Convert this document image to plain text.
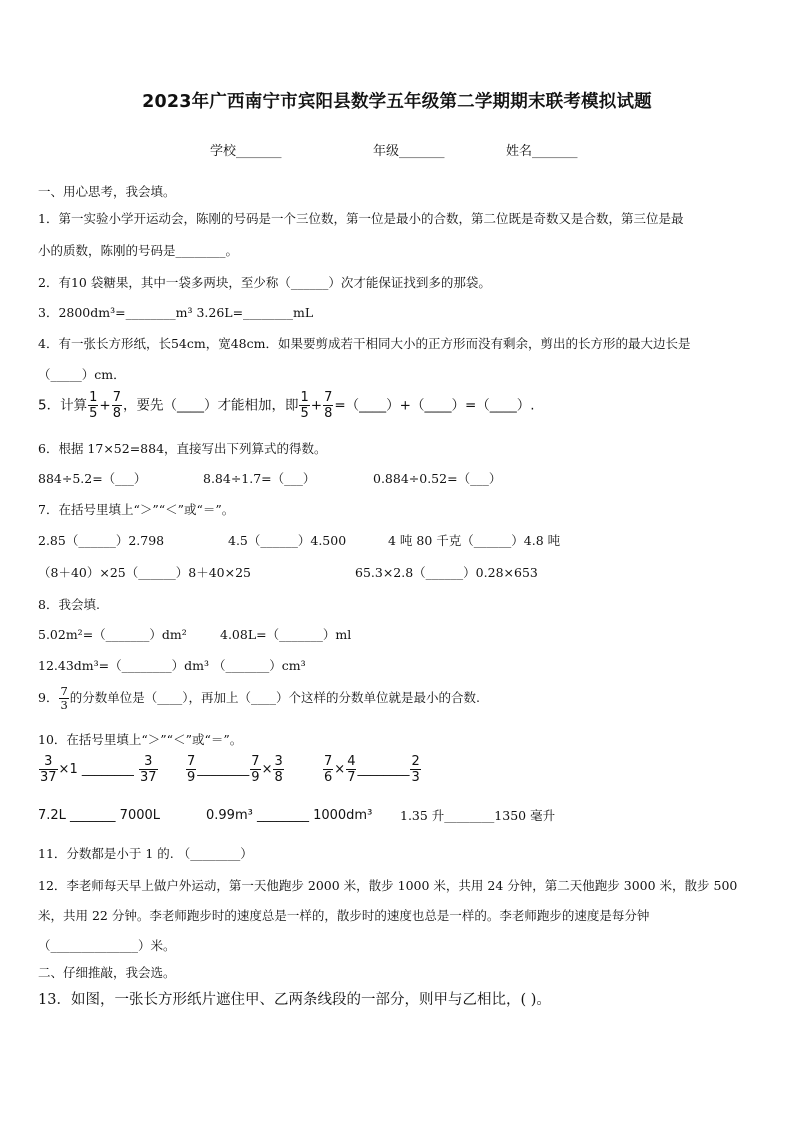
2023年广西南宁市宾阳县数学五年级第二学期期末联考模拟试题
学校_______	年级_______	姓名_______
一、用心思考，我会填。
1．第一实验小学开运动会，陈刚的号码是一个三位数，第一位是最小的合数，第二位既是奇数又是合数，第三位是最
小的质数，陈刚的号码是________。
2．有10 袋糖果，其中一袋多两块，至少称（______）次才能保证找到多的那袋。
3．2800dm³=________m³ 3.26L=________mL
4．有一张长方形纸，长54cm，宽48cm．如果要剪成若干相同大小的正方形而没有剩余，剪出的长方形的最大边长是
（_____）cm．
5．计算 $\frac{1}{5} + \frac{7}{8}$ ，要先（____）才能相加，即 $\frac{1}{5} + \frac{7}{8}$ =（____）+（____）=（____）.
6．根据 17×52=884，直接写出下列算式的得数。
884÷5.2=（___）	8.84÷1.7=（___）	0.884÷0.52=（___）
7．在括号里填上“＞”“＜”或“＝”。
2.85（______）2.798	4.5（______）4.500	4 吨 80 千克（______）4.8 吨
（8＋40）×25（______）8＋40×25	65.3×2.8（______）0.28×653
8．我会填.
5.02m²=（_______）dm²	4.08L=（_______）ml
12.43dm³=（________）dm³ （_______）cm³
9． $\frac{7}{3}$ 的分数单位是（____），再加上（____）个这样的分数单位就是最小的合数.
10．在括号里填上“＞”“＜”或“＝”。
$\frac{3}{37} \times 1$ ________ $\frac{3}{37} \frac{7}{9}$ ________ $\frac{7}{9} \times \frac{3}{8}$	$\frac{7}{6} \times \frac{4}{7}$ ________ $\frac{2}{3}$
7.2L _______ 7000L	0.99m³ ________ 1000dm³ 1.35 升________1350 毫升
11．分数都是小于 1 的. （________）
12．李老师每天早上做户外运动，第一天他跑步 2000 米，散步 1000 米，共用 24 分钟，第二天他跑步 3000 米，散步 500
米，共用 22 分钟。李老师跑步时的速度总是一样的，散步时的速度也总是一样的。李老师跑步的速度是每分钟
（______________）米。
二、仔细推敲，我会选。
13．如图，一张长方形纸片遮住甲、乙两条线段的一部分，则甲与乙相比，( )。
